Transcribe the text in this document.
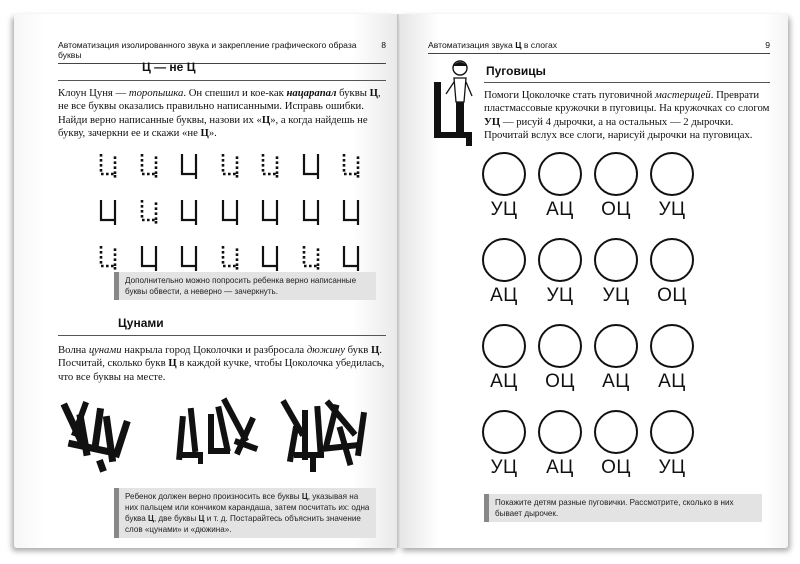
Автоматизация изолированного звука и закрепление графического образа буквы
8
Ц — не Ц
Клоун Цуня — торопышка. Он спешил и кое-как нацарапал буквы Ц, не все буквы оказались правильно написанными. Исправь ошибки. Найди верно написанные буквы, назови их «Ц», а когда найдешь не букву, зачеркни ее и скажи «не Ц».
Дополнительно можно попросить ребенка верно написанные буквы обвести, а неверно — зачеркнуть.
Цунами
Волна цунами накрыла город Цоколочки и разбросала дюжину букв Ц. Посчитай, сколько букв Ц в каждой кучке, чтобы Цоколочка убедилась, что все буквы на месте.
Ребенок должен верно произносить все буквы Ц, указывая на них пальцем или кончиком карандаша, затем посчитать их: одна буква Ц, две буквы Ц и т. д. Постарайтесь объяснить значение слов «цунами» и «дюжина».
Автоматизация звука Ц в слогах	9
Пуговицы
Помоги Цоколочке стать пуговичной мастерицей. Преврати пластмассовые кружочки в пуговицы. На кружочках со слогом УЦ — рисуй 4 дырочки, а на остальных — 2 дырочки. Прочитай вслух все слоги, нарисуй дырочки на пуговицах.
УЦ	АЦ	ОЦ	УЦ
АЦ	УЦ	УЦ	ОЦ
АЦ	ОЦ	АЦ	АЦ
УЦ	АЦ	ОЦ	УЦ
Покажите детям разные пуговички. Рассмотрите, сколько в них бывает дырочек.
